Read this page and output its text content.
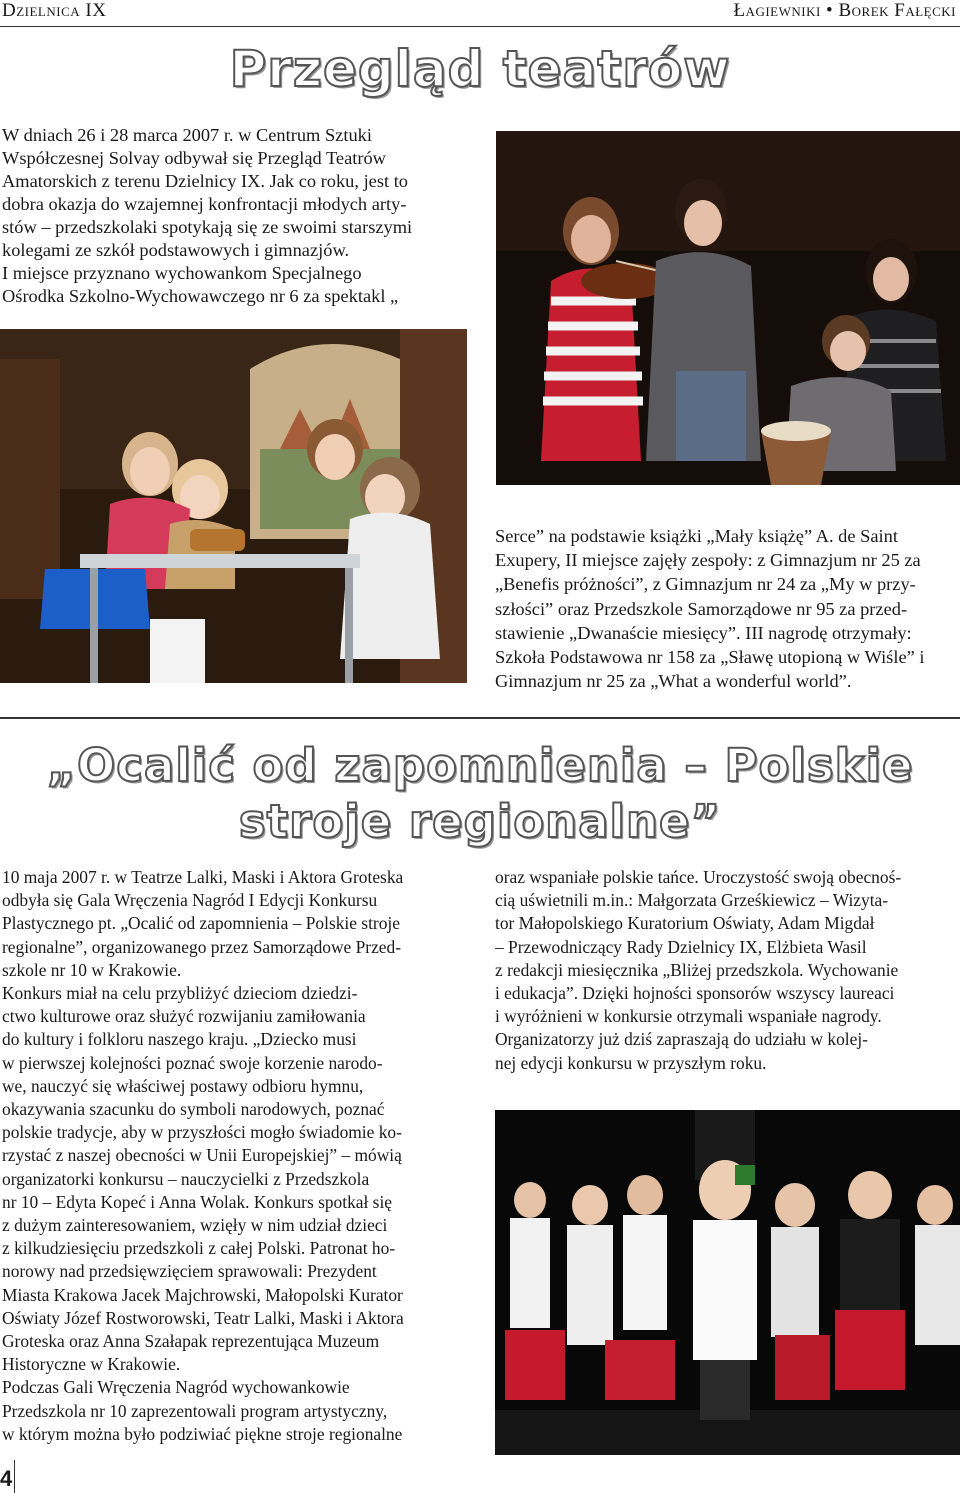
Dzielnica IX	Łagiewniki • Borek Fałęcki
Przegląd teatrów
W dniach 26 i 28 marca 2007 r. w Centrum Sztuki
Współczesnej Solvay odbywał się Przegląd Teatrów
Amatorskich z terenu Dzielnicy IX. Jak co roku, jest to
dobra okazja do wzajemnej konfrontacji młodych arty-
stów – przedszkolaki spotykają się ze swoimi starszymi
kolegami ze szkół podstawowych i gimnazjów.
I miejsce przyznano wychowankom Specjalnego
Ośrodka Szkolno-Wychowawczego nr 6 za spektakl „
Serce” na podstawie książki „Mały książę” A. de Saint
Exupery, II miejsce zajęły zespoły: z Gimnazjum nr 25 za
„Benefis próżności”, z Gimnazjum nr 24 za „My w przy-
szłości” oraz Przedszkole Samorządowe nr 95 za przed-
stawienie „Dwanaście miesięcy”. III nagrodę otrzymały:
Szkoła Podstawowa nr 158 za „Sławę utopioną w Wiśle” i
Gimnazjum nr 25 za „What a wonderful world”.
„Ocalić od zapomnienia – Polskie
stroje regionalne”
10 maja 2007 r. w Teatrze Lalki, Maski i Aktora Groteska
odbyła się Gala Wręczenia Nagród I Edycji Konkursu
Plastycznego pt. „Ocalić od zapomnienia – Polskie stroje
regionalne”, organizowanego przez Samorządowe Przed-
szkole nr 10 w Krakowie.
Konkurs miał na celu przybliżyć dzieciom dziedzi-
ctwo kulturowe oraz służyć rozwijaniu zamiłowania
do kultury i folkloru naszego kraju. „Dziecko musi
w pierwszej kolejności poznać swoje korzenie narodo-
we, nauczyć się właściwej postawy odbioru hymnu,
okazywania szacunku do symboli narodowych, poznać
polskie tradycje, aby w przyszłości mogło świadomie ko-
rzystać z naszej obecności w Unii Europejskiej” – mówią
organizatorki konkursu – nauczycielki z Przedszkola
nr 10 – Edyta Kopeć i Anna Wolak. Konkurs spotkał się
z dużym zainteresowaniem, wzięły w nim udział dzieci
z kilkudziesięciu przedszkoli z całej Polski. Patronat ho-
norowy nad przedsięwzięciem sprawowali: Prezydent
Miasta Krakowa Jacek Majchrowski, Małopolski Kurator
Oświaty Józef Rostworowski, Teatr Lalki, Maski i Aktora
Groteska oraz Anna Szałapak reprezentująca Muzeum
Historyczne w Krakowie.
Podczas Gali Wręczenia Nagród wychowankowie
Przedszkola nr 10 zaprezentowali program artystyczny,
w którym można było podziwiać piękne stroje regionalne
oraz wspaniałe polskie tańce. Uroczystość swoją obecnoś-
cią uświetnili m.in.: Małgorzata Grześkiewicz – Wizyta-
tor Małopolskiego Kuratorium Oświaty, Adam Migdał
– Przewodniczący Rady Dzielnicy IX, Elżbieta Wasil
z redakcji miesięcznika „Bliżej przedszkola. Wychowanie
i edukacja”. Dzięki hojności sponsorów wszyscy laureaci
i wyróżnieni w konkursie otrzymali wspaniałe nagrody.
Organizatorzy już dziś zapraszają do udziału w kolej-
nej edycji konkursu w przyszłym roku.
4
